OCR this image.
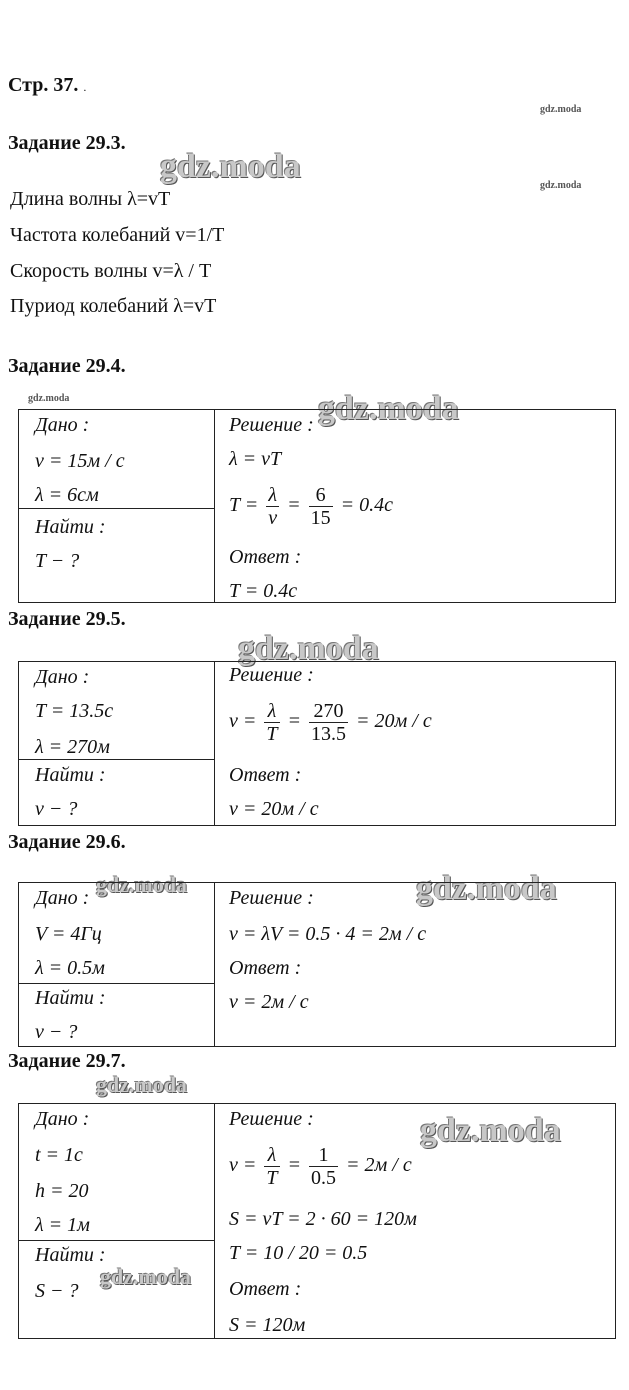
Стр. 37. .
gdz.moda
gdz.moda
gdz.moda
gdz.moda
gdz.moda
gdz.moda
gdz.moda
gdz.moda
gdz.moda
gdz.moda
gdz.moda
Задание 29.3.
Длина волны λ=vT
Частота колебаний v=1/T
Скорость волны v=λ / T
Пуриод колебаний λ=vT
Задание 29.4.
Дано :
v = 15м / c
λ = 6см
Найти :
T − ?
Решение :
λ = vT
$T = \frac{\lambda}{v} = \frac{6}{15} = 0.4c$
Ответ :
T = 0.4c
Задание 29.5.
Дано :
T = 13.5c
λ = 270м
Найти :
v − ?
Решение :
$v = \frac{\lambda}{T} = \frac{270}{13.5} = 20м / c$
Ответ :
v = 20м / c
Задание 29.6.
Дано :
V = 4Гц
λ = 0.5м
Найти :
v − ?
Решение :
v = λV = 0.5 · 4 = 2м / c
Ответ :
v = 2м / c
Задание 29.7.
Дано :
t = 1c
h = 20
λ = 1м
Найти :
S − ?
Решение :
$v = \frac{\lambda}{T} = \frac{1}{0.5} = 2м / c$
S = vT = 2 · 60 = 120м
T = 10 / 20 = 0.5
Ответ :
S = 120м
